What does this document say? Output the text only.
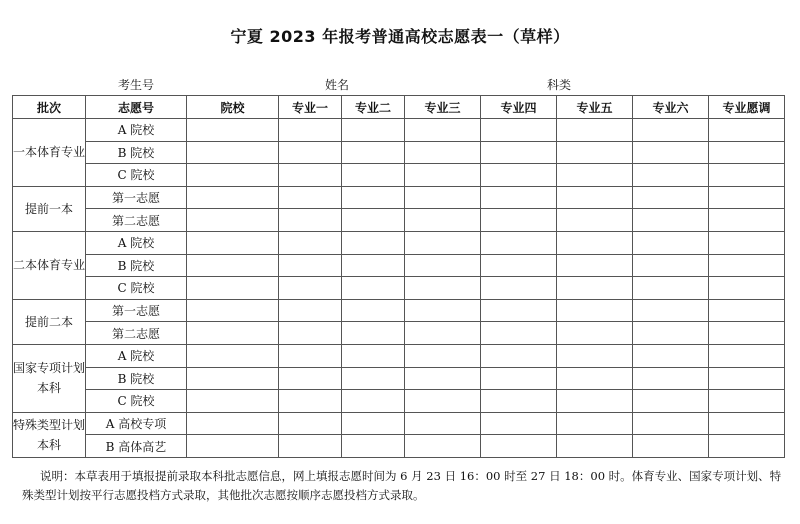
宁夏 2023 年报考普通高校志愿表一（草样）
考生号	姓名	科类
批次	志愿号	院校	专业一	专业二	专业三	专业四	专业五	专业六	专业愿调
一本体育专业	A 院校								
	B 院校								
	C 院校								
提前一本	第一志愿								
	第二志愿								
二本体育专业	A 院校								
	B 院校								
	C 院校								
提前二本	第一志愿								
	第二志愿								
国家专项计划本科	A 院校								
	B 院校								
	C 院校								
特殊类型计划本科	A 高校专项								
	B 高体高艺								
说明：本草表用于填报提前录取本科批志愿信息，网上填报志愿时间为 6 月 23 日 16：00 时至 27 日 18：00 时。体育专业、国家专项计划、特殊类型计划按平行志愿投档方式录取，其他批次志愿按顺序志愿投档方式录取。
